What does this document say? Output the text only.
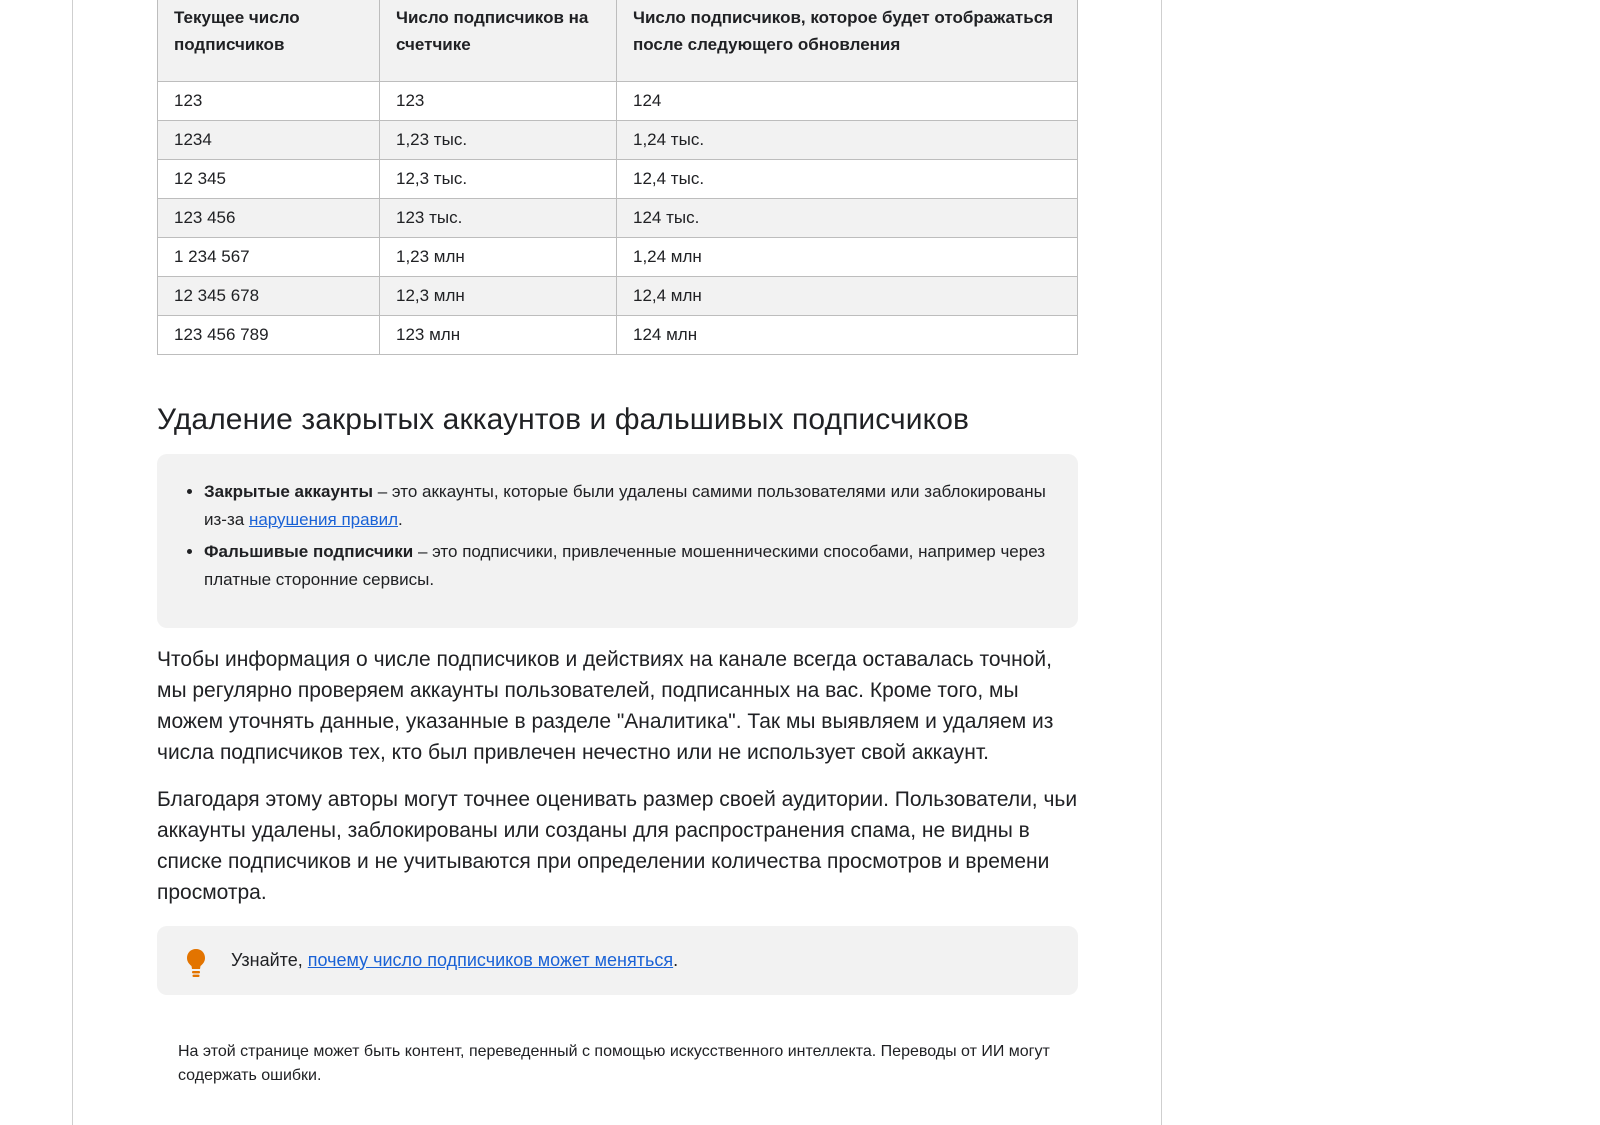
Текущее число подписчиков	Число подписчиков на счетчике	Число подписчиков, которое будет отображаться после следующего обновления
123	123	124
1234	1,23 тыс.	1,24 тыс.
12 345	12,3 тыс.	12,4 тыс.
123 456	123 тыс.	124 тыс.
1 234 567	1,23 млн	1,24 млн
12 345 678	12,3 млн	12,4 млн
123 456 789	123 млн	124 млн
Удаление закрытых аккаунтов и фальшивых подписчиков
• Закрытые аккаунты – это аккаунты, которые были удалены самими пользователями или заблокированы из-за нарушения правил.
• Фальшивые подписчики – это подписчики, привлеченные мошенническими способами, например через платные сторонние сервисы.

Чтобы информация о числе подписчиков и действиях на канале всегда оставалась точной, мы регулярно проверяем аккаунты пользователей, подписанных на вас. Кроме того, мы можем уточнять данные, указанные в разделе "Аналитика". Так мы выявляем и удаляем из числа подписчиков тех, кто был привлечен нечестно или не использует свой аккаунт.

Благодаря этому авторы могут точнее оценивать размер своей аудитории. Пользователи, чьи аккаунты удалены, заблокированы или созданы для распространения спама, не видны в списке подписчиков и не учитываются при определении количества просмотров и времени просмотра.

Узнайте,
почему число подписчиков может меняться .
На этой странице может быть контент, переведенный с помощью искусственного интеллекта. Переводы от ИИ могут содержать ошибки.
